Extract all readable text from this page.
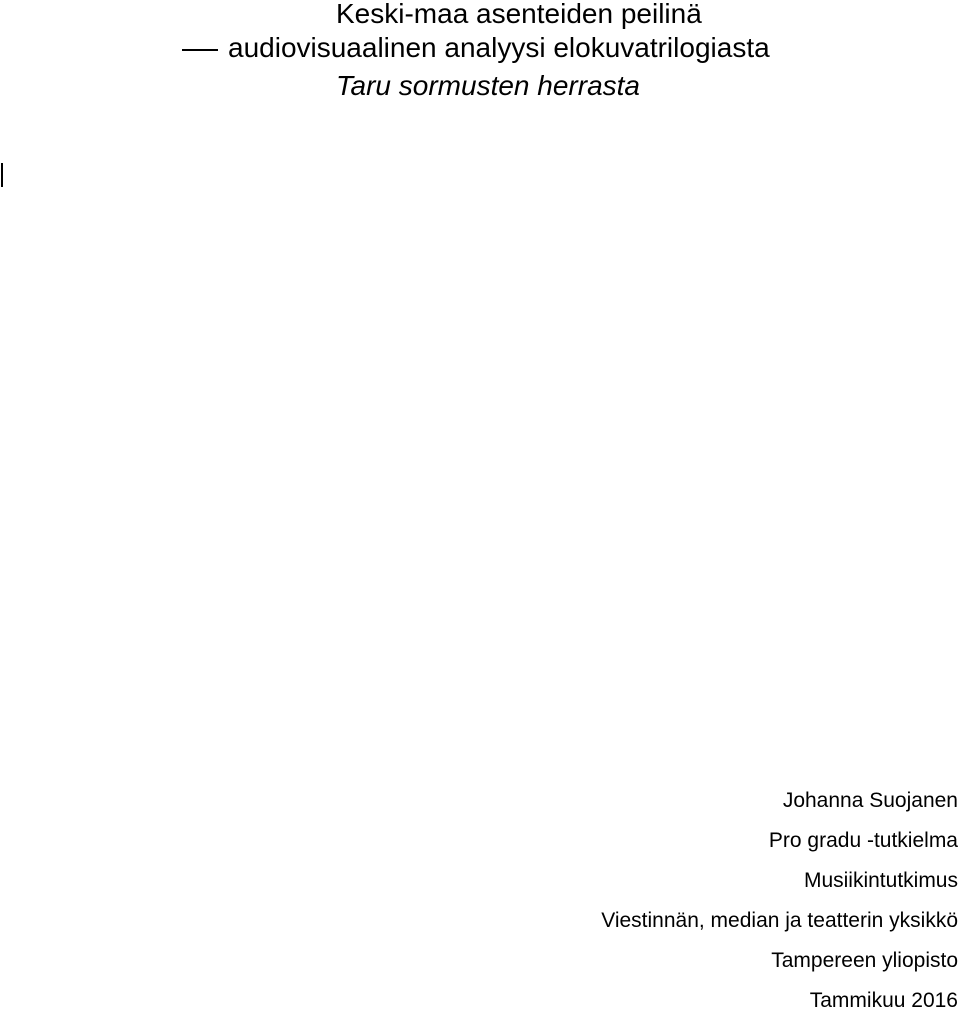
Keski-maa asenteiden peilinä
audiovisuaalinen analyysi elokuvatrilogiasta
Taru sormusten herrasta
Johanna Suojanen
Pro gradu -tutkielma
Musiikintutkimus
Viestinnän, median ja teatterin yksikkö
Tampereen yliopisto
Tammikuu 2016
